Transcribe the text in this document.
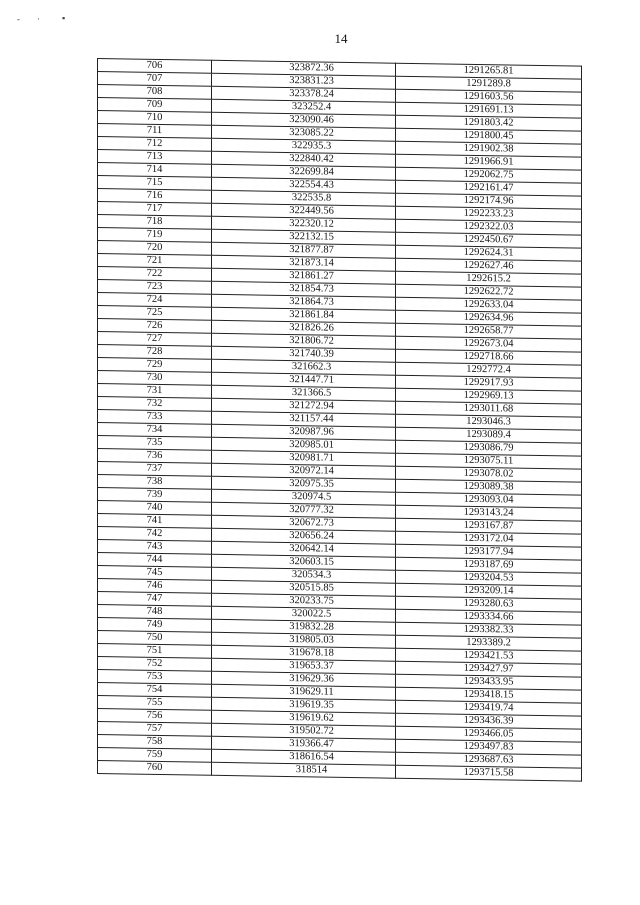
- · ▪
14
706	323872.36	1291265.81
707	323831.23	1291289.8
708	323378.24	1291603.56
709	323252.4	1291691.13
710	323090.46	1291803.42
711	323085.22	1291800.45
712	322935.3	1291902.38
713	322840.42	1291966.91
714	322699.84	1292062.75
715	322554.43	1292161.47
716	322535.8	1292174.96
717	322449.56	1292233.23
718	322320.12	1292322.03
719	322132.15	1292450.67
720	321877.87	1292624.31
721	321873.14	1292627.46
722	321861.27	1292615.2
723	321854.73	1292622.72
724	321864.73	1292633.04
725	321861.84	1292634.96
726	321826.26	1292658.77
727	321806.72	1292673.04
728	321740.39	1292718.66
729	321662.3	1292772.4
730	321447.71	1292917.93
731	321366.5	1292969.13
732	321272.94	1293011.68
733	321157.44	1293046.3
734	320987.96	1293089.4
735	320985.01	1293086.79
736	320981.71	1293075.11
737	320972.14	1293078.02
738	320975.35	1293089.38
739	320974.5	1293093.04
740	320777.32	1293143.24
741	320672.73	1293167.87
742	320656.24	1293172.04
743	320642.14	1293177.94
744	320603.15	1293187.69
745	320534.3	1293204.53
746	320515.85	1293209.14
747	320233.75	1293280.63
748	320022.5	1293334.66
749	319832.28	1293382.33
750	319805.03	1293389.2
751	319678.18	1293421.53
752	319653.37	1293427.97
753	319629.36	1293433.95
754	319629.11	1293418.15
755	319619.35	1293419.74
756	319619.62	1293436.39
757	319502.72	1293466.05
758	319366.47	1293497.83
759	318616.54	1293687.63
760	318514	1293715.58
